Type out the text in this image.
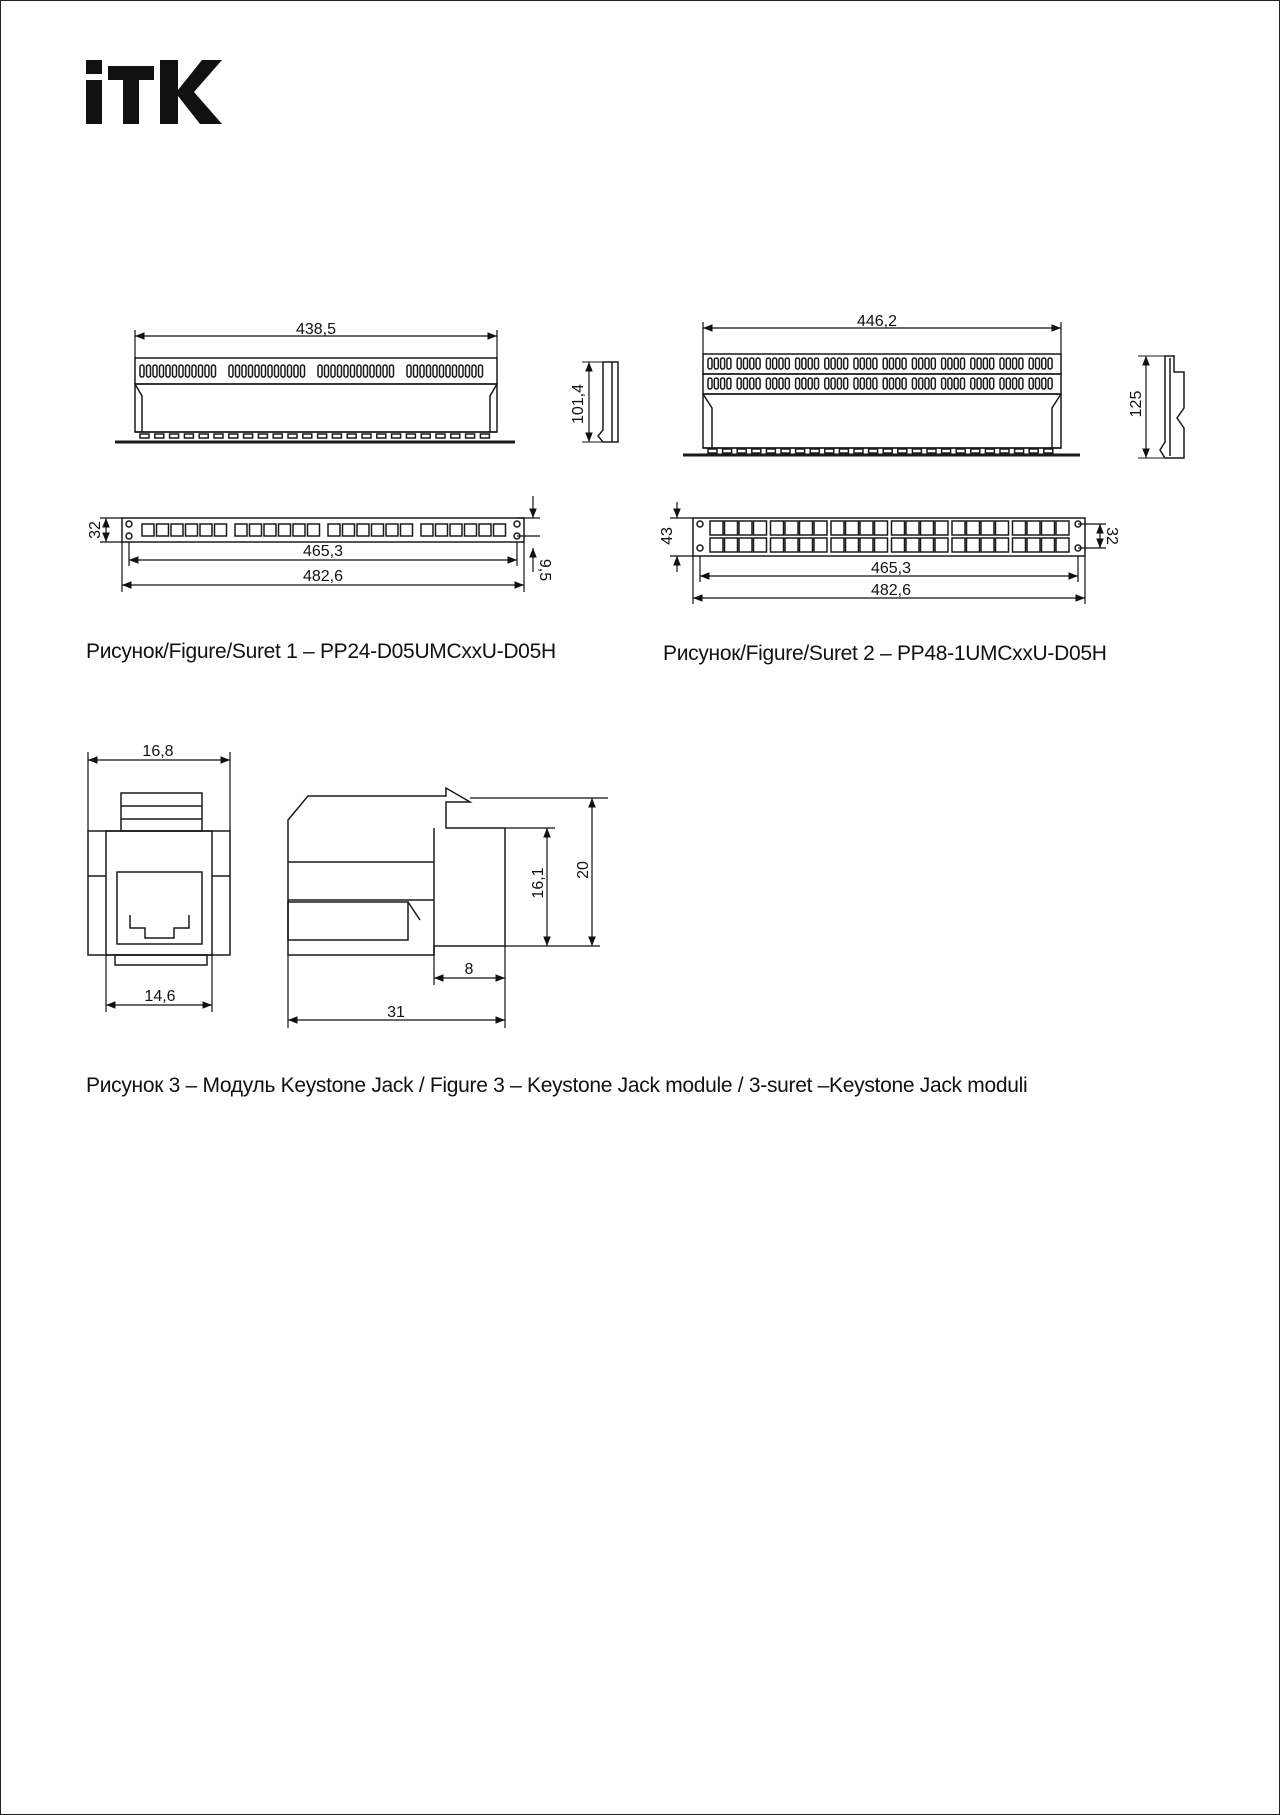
438,5
101,4
32
465,3
482,6	9,5
446,2
125
43	32
465,3
482,6
16,8
14,6
16,1 20
8
31
Рисунок/Figure/Suret 1 – PP24-D05UMCxxU-D05H	Рисунок/Figure/Suret 2 – PP48-1UMCxxU-D05H
Рисунок 3 – Модуль Keystone Jack / Figure 3 – Keystone Jack module / 3-suret –Keystone Jack moduli
